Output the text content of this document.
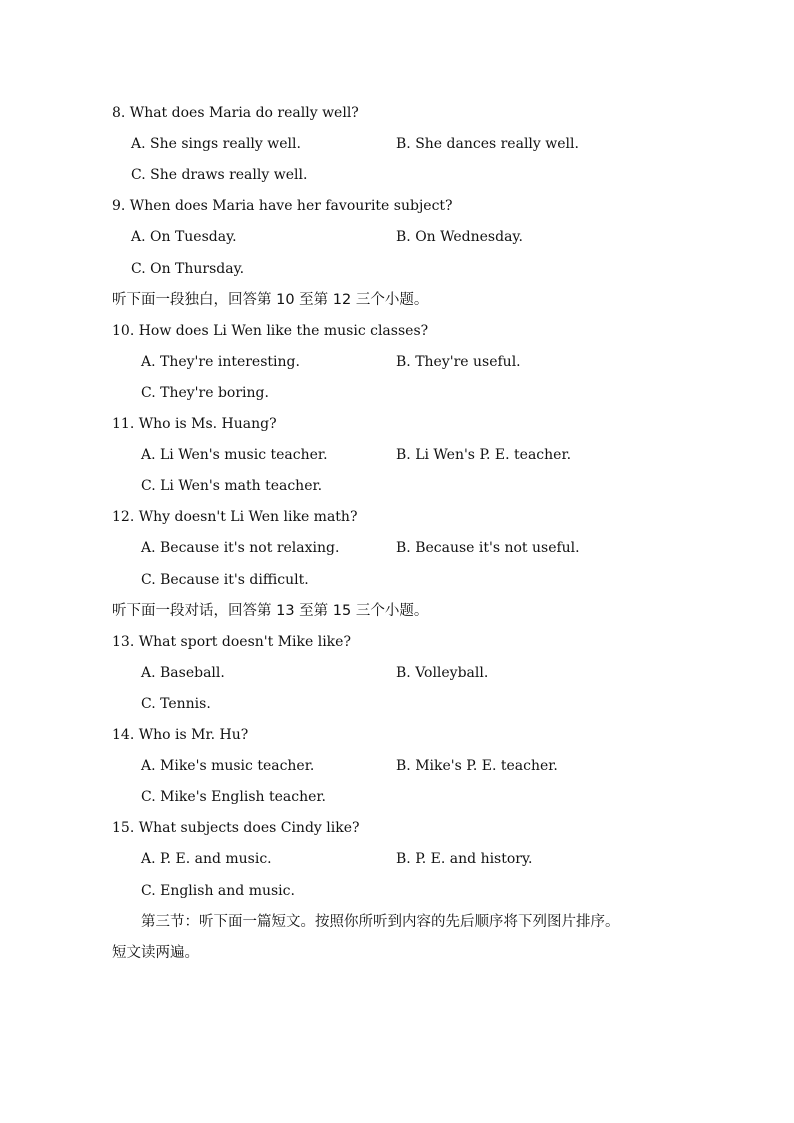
8. What does Maria do really well?
A. She sings really well.	B. She dances really well.
C. She draws really well.
9. When does Maria have her favourite subject?
A. On Tuesday.	B. On Wednesday.
C. On Thursday.
听下面一段独白，回答第 10 至第 12 三个小题。
10. How does Li Wen like the music classes?
A. They're interesting.	B. They're useful.
C. They're boring.
11. Who is Ms. Huang?
A. Li Wen's music teacher.	B. Li Wen's P. E. teacher.
C. Li Wen's math teacher.
12. Why doesn't Li Wen like math?
A. Because it's not relaxing.	B. Because it's not useful.
C. Because it's difficult.
听下面一段对话，回答第 13 至第 15 三个小题。
13. What sport doesn't Mike like?
A. Baseball.	B. Volleyball.
C. Tennis.
14. Who is Mr. Hu?
A. Mike's music teacher.	B. Mike's P. E. teacher.
C. Mike's English teacher.
15. What subjects does Cindy like?
A. P. E. and music.	B. P. E. and history.
C. English and music.
第三节：听下面一篇短文。按照你所听到内容的先后顺序将下列图片排序。
短文读两遍。
